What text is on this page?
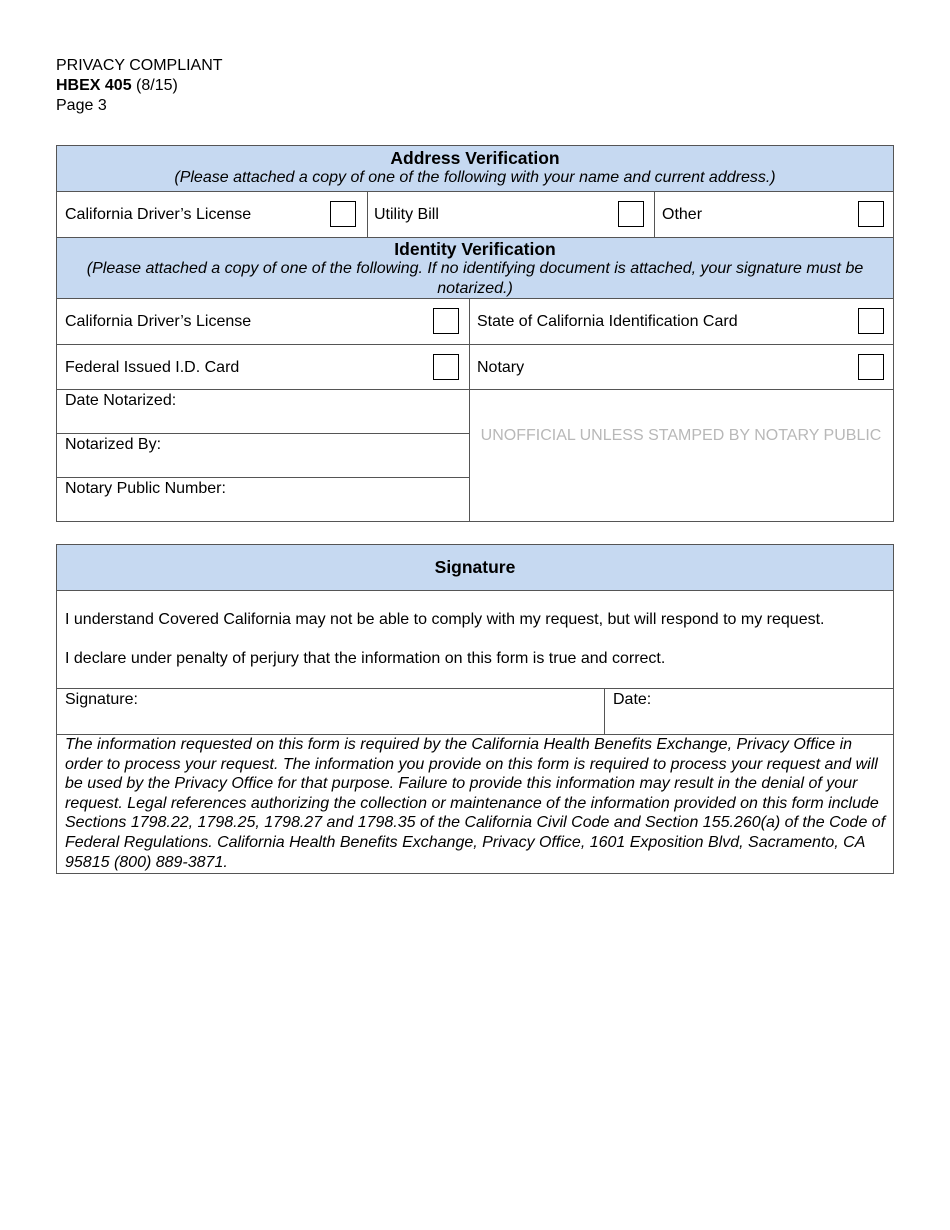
PRIVACY COMPLIANT
HBEX 405 (8/15)
Page 3
Address Verification
(Please attached a copy of one of the following with your name and current address.)
California Driver’s License	Utility Bill	Other
Identity Verification
(Please attached a copy of one of the following. If no identifying document is attached, your signature must be notarized.)
California Driver’s License	State of California Identification Card
Federal Issued I.D. Card	Notary
Date Notarized:
Notarized By:
Notary Public Number:
UNOFFICIAL UNLESS STAMPED BY NOTARY PUBLIC
Signature
I understand Covered California may not be able to comply with my request, but will respond to my request.
I declare under penalty of perjury that the information on this form is true and correct.
Signature:	Date:
The information requested on this form is required by the California Health Benefits Exchange, Privacy Office in order to process your request. The information you provide on this form is required to process your request and will be used by the Privacy Office for that purpose. Failure to provide this information may result in the denial of your request. Legal references authorizing the collection or maintenance of the information provided on this form include Sections 1798.22, 1798.25, 1798.27 and 1798.35 of the California Civil Code and Section 155.260(a) of the Code of Federal Regulations. California Health Benefits Exchange, Privacy Office, 1601 Exposition Blvd, Sacramento, CA 95815 (800) 889-3871.
